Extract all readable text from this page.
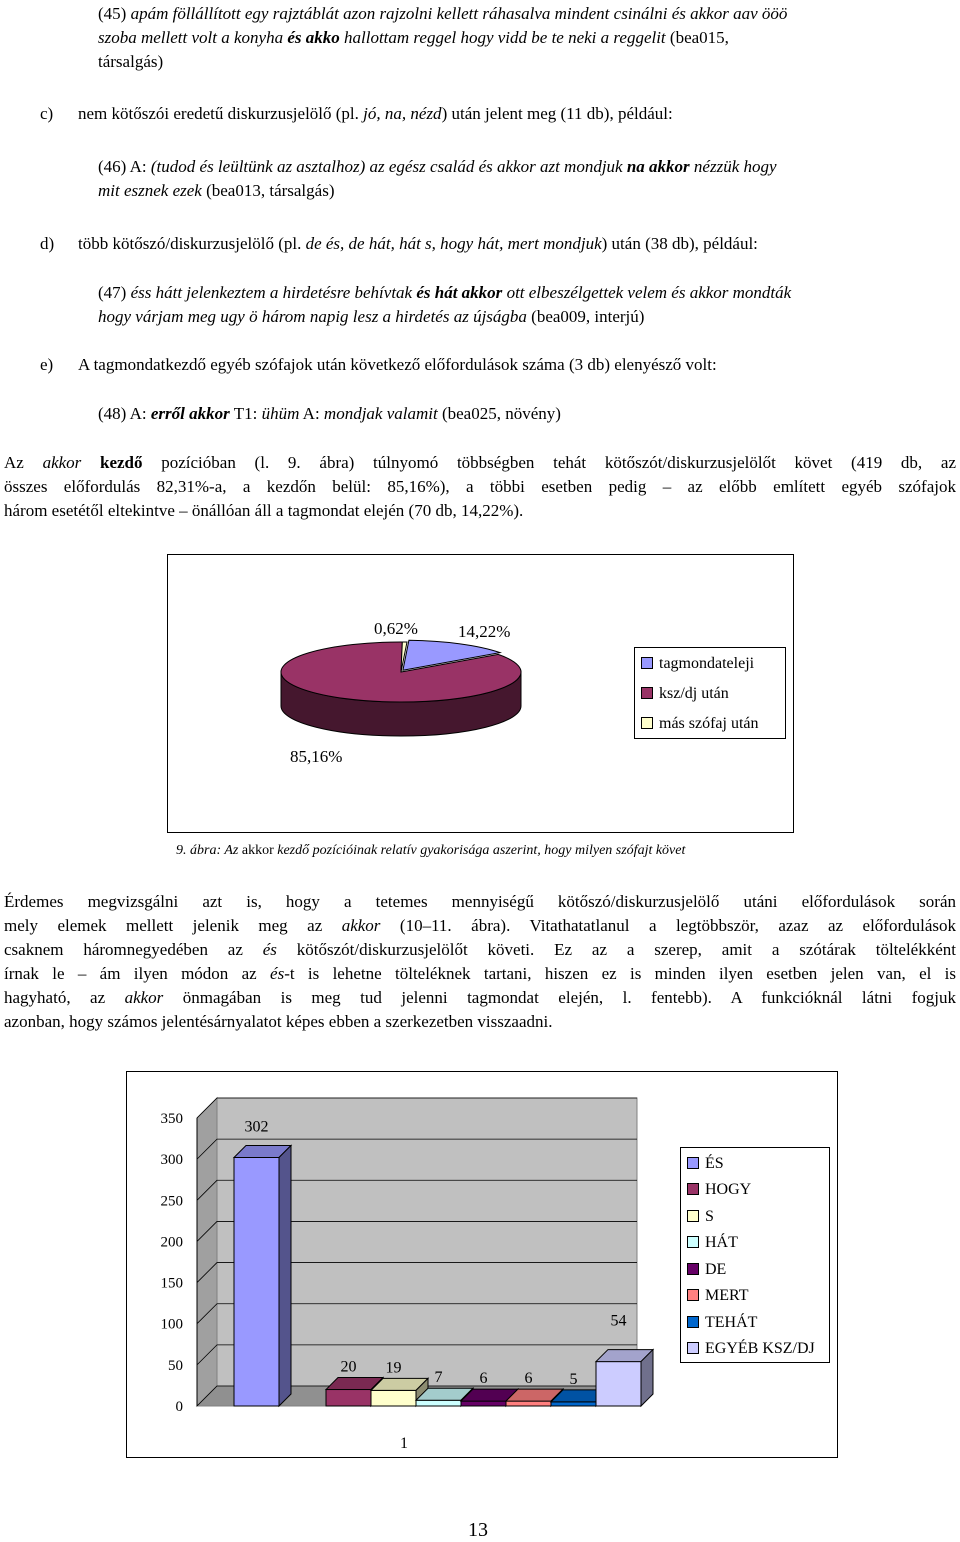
(45) apám föllállított egy rajztáblát azon rajzolni kellett ráhasalva mindent csinálni és akkor aav ööö
szoba mellett volt a konyha és akko hallottam reggel hogy vidd be te neki a reggelit (bea015,
társalgás)
c) nem kötőszói eredetű diskurzusjelölő (pl. jó, na, nézd) után jelent meg (11 db), például:
(46) A: (tudod és leültünk az asztalhoz) az egész család és akkor azt mondjuk na akkor nézzük hogy
mit esznek ezek (bea013, társalgás)
d) több kötőszó/diskurzusjelölő (pl. de és, de hát, hát s, hogy hát, mert mondjuk) után (38 db), például:
(47) éss hátt jelenkeztem a hirdetésre behívtak és hát akkor ott elbeszélgettek velem és akkor mondták
hogy várjam meg ugy ö három napig lesz a hirdetés az újságba (bea009, interjú)
e) A tagmondatkezdő egyéb szófajok után következő előfordulások száma (3 db) elenyésző volt:
(48) A: erről akkor T1: ühüm A: mondjak valamit (bea025, növény)
Az akkor kezdő pozícióban (l. 9. ábra) túlnyomó többségben tehát kötőszót/diskurzusjelölőt követ (419 db, az
összes előfordulás 82,31%-a, a kezdőn belül: 85,16%), a többi esetben pedig – az előbb említett egyéb szófajok
három esetétől eltekintve – önállóan áll a tagmondat elején (70 db, 14,22%).
14,22%
85,16%
0,62%
tagmondateleji
ksz/dj után
más szófaj után
9. ábra: Az akkor kezdő pozícióinak relatív gyakorisága aszerint, hogy milyen szófajt követ
Érdemes megvizsgálni azt is, hogy a tetemes mennyiségű kötőszó/diskurzusjelölő utáni előfordulások során
mely elemek mellett jelenik meg az akkor (10–11. ábra). Vitathatatlanul a legtöbbször, azaz az előfordulások
csaknem háromnegyedében az és kötőszót/diskurzusjelölőt követi. Ez az a szerep, amit a szótárak töltelékként
írnak le – ám ilyen módon az és-t is lehetne tölteléknek tartani, hiszen ez is minden ilyen esetben jelen van, el is
hagyható, az akkor önmagában is meg tud jelenni tagmondat elején, l. fentebb). A funkcióknál látni fogjuk
azonban, hogy számos jelentésárnyalatot képes ebben a szerkezetben visszaadni.
0
50
100
150
200
250
300
350	302
20 19
7 6 6 5
54
1
ÉS
HOGY
S
HÁT
DE
MERT
TEHÁT
EGYÉB KSZ/DJ
13
